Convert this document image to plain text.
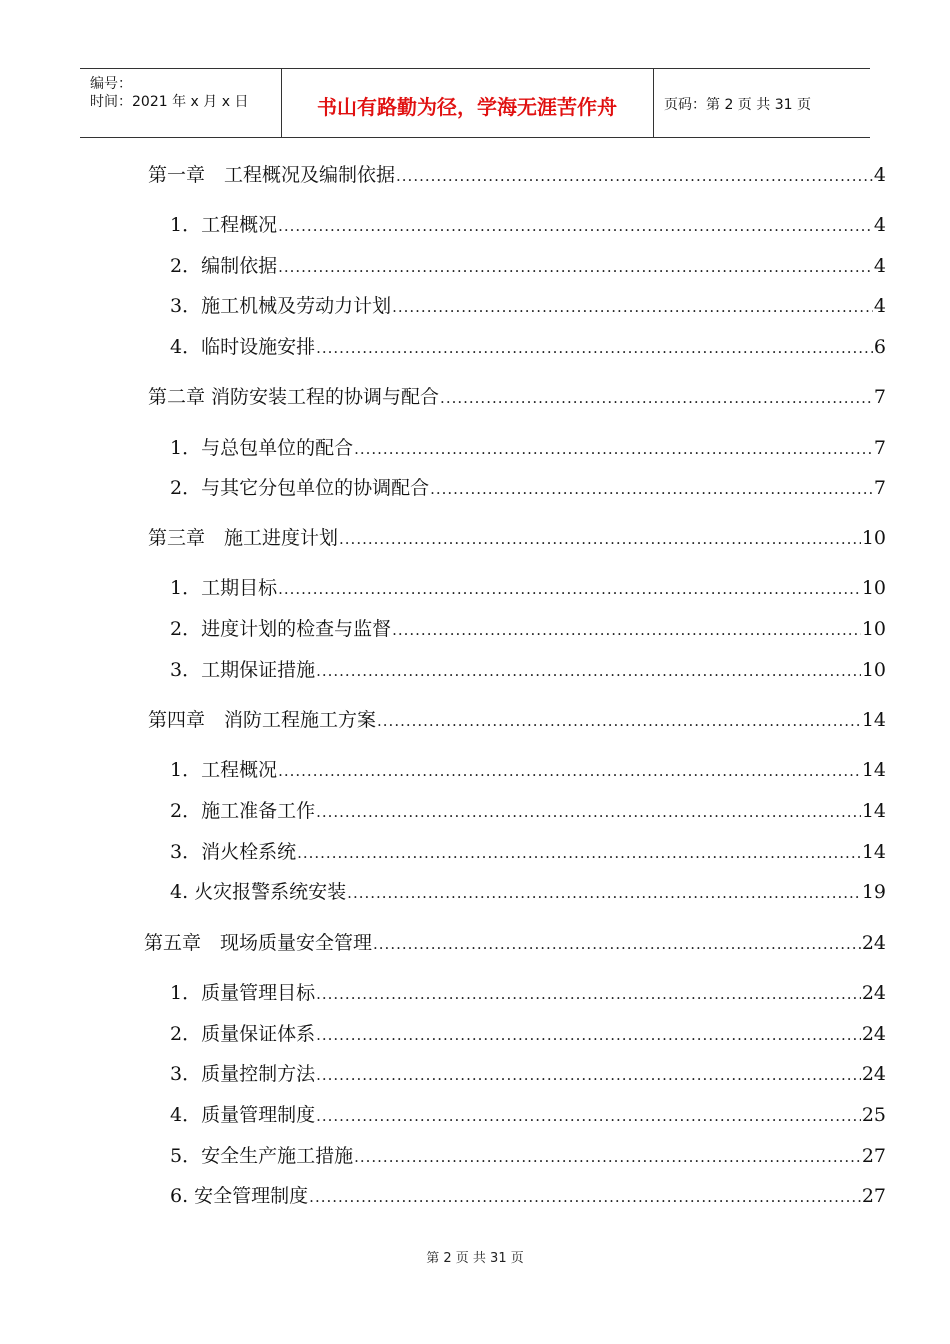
编号：
时间：2021 年 x 月 x 日	书山有路勤为径，学海无涯苦作舟	页码：第 2 页 共 31 页
第一章　工程概况及编制依据 .....	4
1．工程概况 .....	4
2．编制依据 .....	4
3．施工机械及劳动力计划 .....	4
4．临时设施安排 .....	6
第二章 消防安装工程的协调与配合 .....	7
1．与总包单位的配合 .....	7
2．与其它分包单位的协调配合 .....	7
第三章　施工进度计划 .....	10
1．工期目标 .....	10
2．进度计划的检查与监督 .....	10
3．工期保证措施 .....	10
第四章　消防工程施工方案 .....	14
1．工程概况 .....	14
2．施工准备工作 .....	14
3．消火栓系统 .....	14
4. 火灾报警系统安装 .....	19
第五章　现场质量安全管理 .....	24
1．质量管理目标 .....	24
2．质量保证体系 .....	24
3．质量控制方法 .....	24
4．质量管理制度 .....	25
5．安全生产施工措施 .....	27
6. 安全管理制度 .....	27
第 2 页 共 31 页
